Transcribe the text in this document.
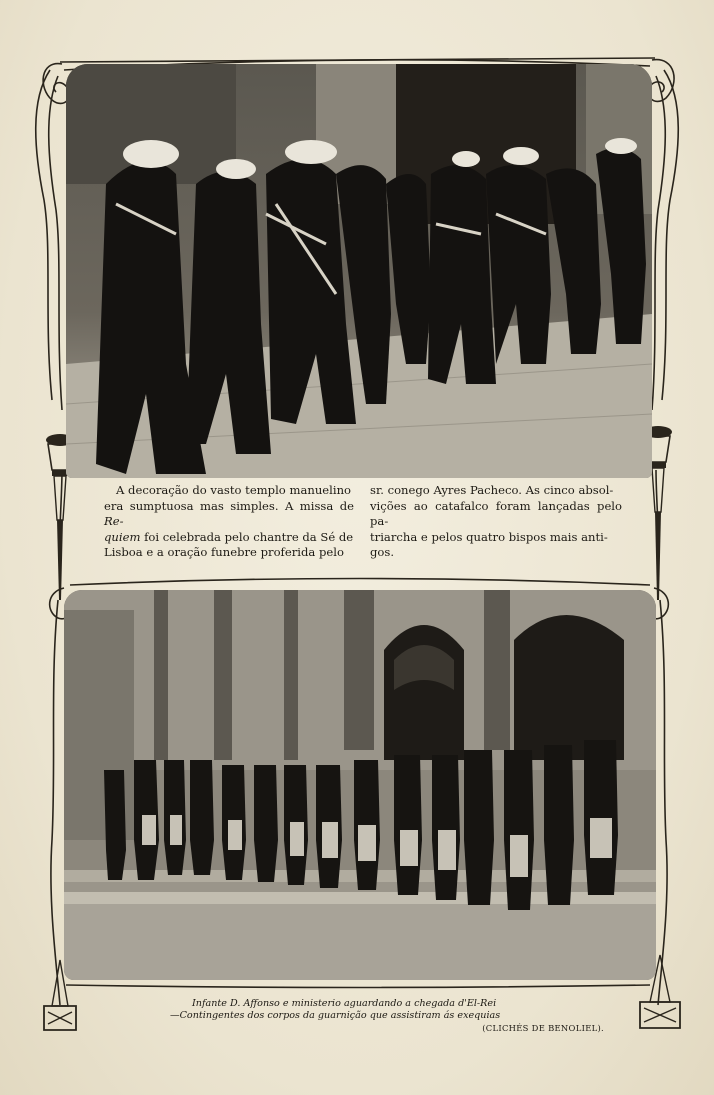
A decoração do vasto templo manuelino
era sumptuosa mas simples. A missa de Re-
quiem foi celebrada pelo chantre da Sé de
Lisboa e a oração funebre proferida pelo
sr. conego Ayres Pacheco. As cinco absol-
vições ao catafalco foram lançadas pelo pa-
triarcha e pelos quatro bispos mais anti-
gos.
Infante D. Affonso e ministerio aguardando a chegada d'El-Rei
—Contingentes dos corpos da guarnição que assistiram ás exequias
(CLICHÉS DE BENOLIEL).
